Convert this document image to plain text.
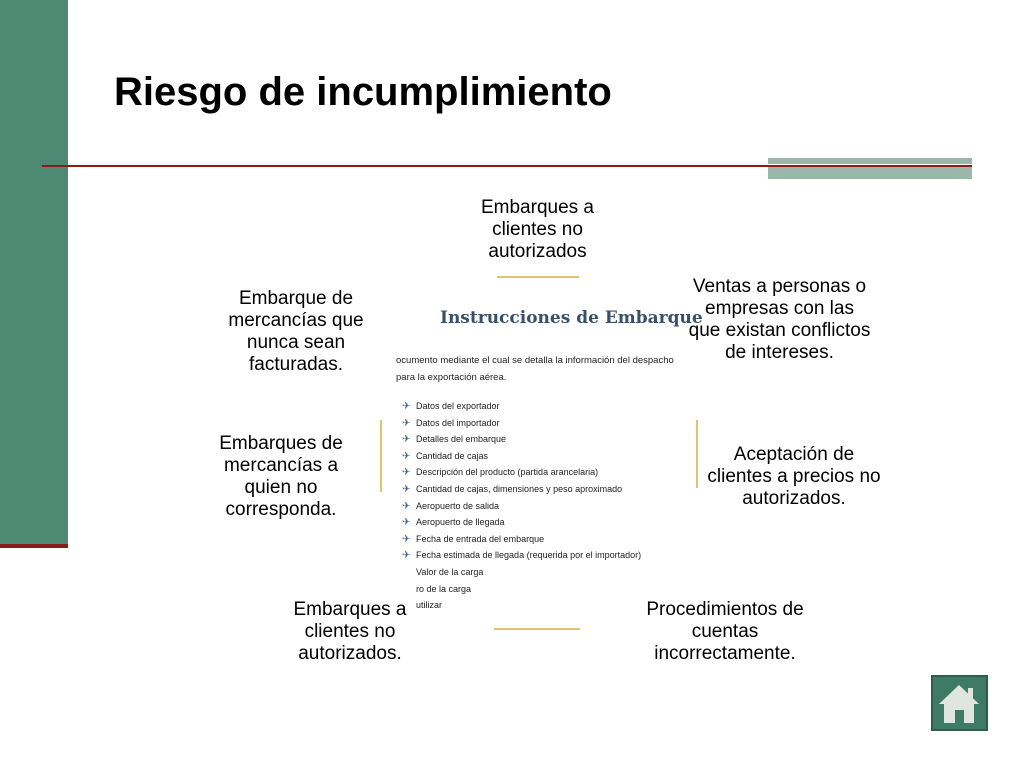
Riesgo de incumplimiento
Instrucciones de Embarque
ocumento mediante el cual se detalla la información del despacho para la exportación aérea.
✈ Datos del exportador
✈ Datos del importador
✈ Detalles del embarque
✈ Cantidad de cajas
✈ Descripción del producto (partida arancelaria)
✈ Cantidad de cajas, dimensiones y peso aproximado
✈ Aeropuerto de salida
✈ Aeropuerto de llegada
✈ Fecha de entrada del embarque
✈ Fecha estimada de llegada (requerida por el importador)
Valor de la carga
ro de la carga
utilizar
Embarques a clientes no autorizados
Ventas a personas o empresas con las que existan conflictos de intereses.
Aceptación de clientes a precios no autorizados.
Procedimientos de cuentas incorrectamente.
Embarques a clientes no autorizados.
Embarques de mercancías a quien no corresponda.
Embarque de mercancías que nunca sean facturadas.
